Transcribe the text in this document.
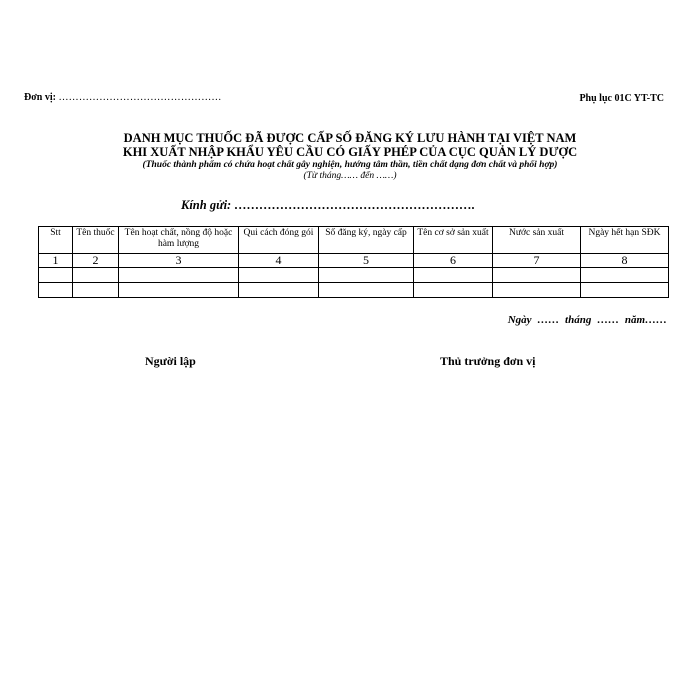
Đơn vị: …………………………………………	Phụ lục 01C YT-TC
DANH MỤC THUỐC ĐÃ ĐƯỢC CẤP SỐ ĐĂNG KÝ LƯU HÀNH TẠI VIỆT NAM
KHI XUẤT NHẬP KHẨU YÊU CẦU CÓ GIẤY PHÉP CỦA CỤC QUẢN LÝ DƯỢC
(Thuốc thành phẩm có chứa hoạt chất gây nghiện, hướng tâm thần, tiền chất dạng đơn chất và phối hợp)
(Từ tháng…… đến ……)
Kính gửi: ………………………………………………….
Stt	Tên thuốc	Tên hoạt chất, nồng độ hoặc hàm lượng	Qui cách đóng gói	Số đăng ký, ngày cấp	Tên cơ sở sản xuất	Nước sản xuất	Ngày hết hạn SĐK
1	2	3	4	5	6	7	8

Ngày …… tháng …… năm……
Người lập	Thủ trưởng đơn vị
